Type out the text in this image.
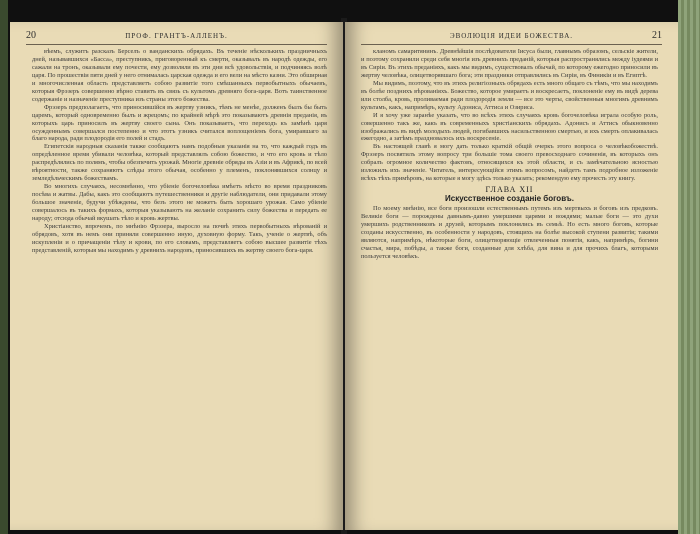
20	ПРОФ. ГРАНТЪ-АЛЛЕНЪ.

вѣемъ, служитъ разсказъ Берселъ о ванданскихъ обрядахъ. Въ теченіе нѣсколькихъ праздничныхъ дней, называвшихся «Басса», преступникъ, приговоренный къ смерти, оказывалъ въ народѣ одежды, его сажали на тронъ, оказывали ему почести, ему дозволяли въ эти дни всѣ удовольствія, и подчиняясь волѣ царя. По прошествіи пяти дней у него отнималась царская одежда и его вели на мѣсто казни. Это обширная и многочисленная область представляетъ собою развитіе того смѣшанныхъ первобытныхъ обычаевъ, которыя Фрэзеръ совершенно вѣрно ставитъ въ связь съ культомъ древняго бога-царя. Вотъ таинственное содержаніе и назначеніе преступника изъ страны этого божества.

Фрэзеръ предполагаетъ, что приносившійся въ жертву узникъ, тѣмъ не менѣе, долженъ былъ бы быть царемъ, который одновременно былъ и жрецомъ; по крайней мѣрѣ это показываютъ древнія преданія, въ которыхъ царь приносилъ въ жертву своего сына. Онъ показываетъ, что переходъ къ замѣнѣ царя осужденнымъ совершался постепенно и что этотъ узникъ считался воплощеніемъ бога, умиравшаго за благо народа, ради плодородія его полей и стадъ.

Египетскія народныя сказанія также сообщаютъ намъ подобныя указанія на то, что каждый годъ въ опредѣленное время убивали человѣка, который представлялъ собою божество, и что его кровь и тѣло распредѣлялись по полямъ, чтобы обезпечить урожай. Многіе древніе обряды въ Азіи и въ Африкѣ, по всей вѣроятности, также сохраняютъ слѣды этого обычая, особенно у племенъ, поклонявшихся солнцу и земледѣльческимъ божествамъ.

Во многихъ случаяхъ, несомнѣнно, что убіеніе богочеловѣка имѣетъ мѣсто во время праздниковъ посѣва и жатвы. Дабы, какъ это сообщаютъ путешественники и другіе наблюдатели, они придавали этому большое значеніе, будучи убѣждены, что безъ этого не можетъ быть хорошаго урожая. Само убіеніе совершалось въ такихъ формахъ, которыя указываютъ на желаніе сохранить силу божества и передать ее народу; отсюда обычай вкушать тѣло и кровь жертвы.

Христіанство, впрочемъ, по мнѣнію Фрэзера, выросло на почвѣ этихъ первобытныхъ вѣрованій и обрядовъ, хотя въ немъ они приняли совершенно иную, духовную форму. Такъ, ученіе о жертвѣ, объ искупленіи и о причащеніи тѣлу и крови, по его словамъ, представляетъ собою высшее развитіе тѣхъ представленій, которыя мы находимъ у древнихъ народовъ, приносившихъ въ жертву своего бога-царя.

ЭВОЛЮЦІЯ ИДЕИ БОЖЕСТВА.	21

кланомъ самаритянинъ. Древнѣйшія послѣдователи Іисуса были, главнымъ образомъ, сельскіе жители, и поэтому сохранили среди себя многія изъ древнихъ преданій, которыя распространялись между іудеями и въ Сиріи. Въ этихъ преданіяхъ, какъ мы видимъ, существовалъ обычай, по которому ежегодно приносили въ жертву человѣка, олицетворявшаго бога; эти праздники отправлялись въ Сиріи, въ Финикіи и въ Египтѣ.

Мы видимъ, поэтому, что въ этихъ религіозныхъ обрядахъ есть много общаго съ тѣмъ, что мы находимъ въ болѣе позднихъ вѣрованіяхъ. Божество, которое умираетъ и воскресаетъ, поклоненіе ему въ видѣ дерева или столба, кровь, проливаемая ради плодородія земли — все это черты, свойственныя многимъ древнимъ культамъ, какъ, напримѣръ, культу Адониса, Аттиса и Озириса.

И я хочу уже заранѣе указать, что во всѣхъ этихъ случаяхъ кровь богочеловѣка играла особую роль, совершенно такъ же, какъ въ современныхъ христіанскихъ обрядахъ. Адонисъ и Аттисъ обыкновенно изображались въ видѣ молодыхъ людей, погибавшихъ насильственною смертью, и ихъ смерть оплакивалась ежегодно, а затѣмъ праздновалось ихъ воскресеніе.

Въ настоящей главѣ я могу дать только краткій общій очеркъ этого вопроса о человѣкобожествѣ. Фрэзеръ посвятилъ этому вопросу три большіе тома своего превосходнаго сочиненія, въ которыхъ онъ собралъ огромное количество фактовъ, относящихся къ этой области, и съ замѣчательною ясностью изложилъ ихъ значеніе. Читатель, интересующійся этимъ вопросомъ, найдетъ тамъ подробное изложеніе всѣхъ тѣхъ примѣровъ, на которые я могу здѣсь только указать; рекомендую ему прочесть эту книгу.

ГЛАВА XII
Искусственное созданіе боговъ.

По моему мнѣнію, все боги произошли естественнымъ путемъ изъ мертвыхъ и боговъ изъ предковъ. Великіе боги — порождены давнымъ-давно умершими царями и вождями; малые боги — это духи умершихъ родственниковъ и друзей, которымъ поклонялись въ семьѣ. Но есть много боговъ, которые созданы искусственно, въ особенности у народовъ, стоящихъ на болѣе высокой ступени развитія; такими являются, напримѣръ, нѣкоторые боги, олицетворяющіе отвлеченныя понятія, какъ, напримѣръ, богини счастья, мира, побѣды, а также боги, созданные для хлѣба, для вина и для прочихъ благъ, которыми пользуется человѣкъ.
